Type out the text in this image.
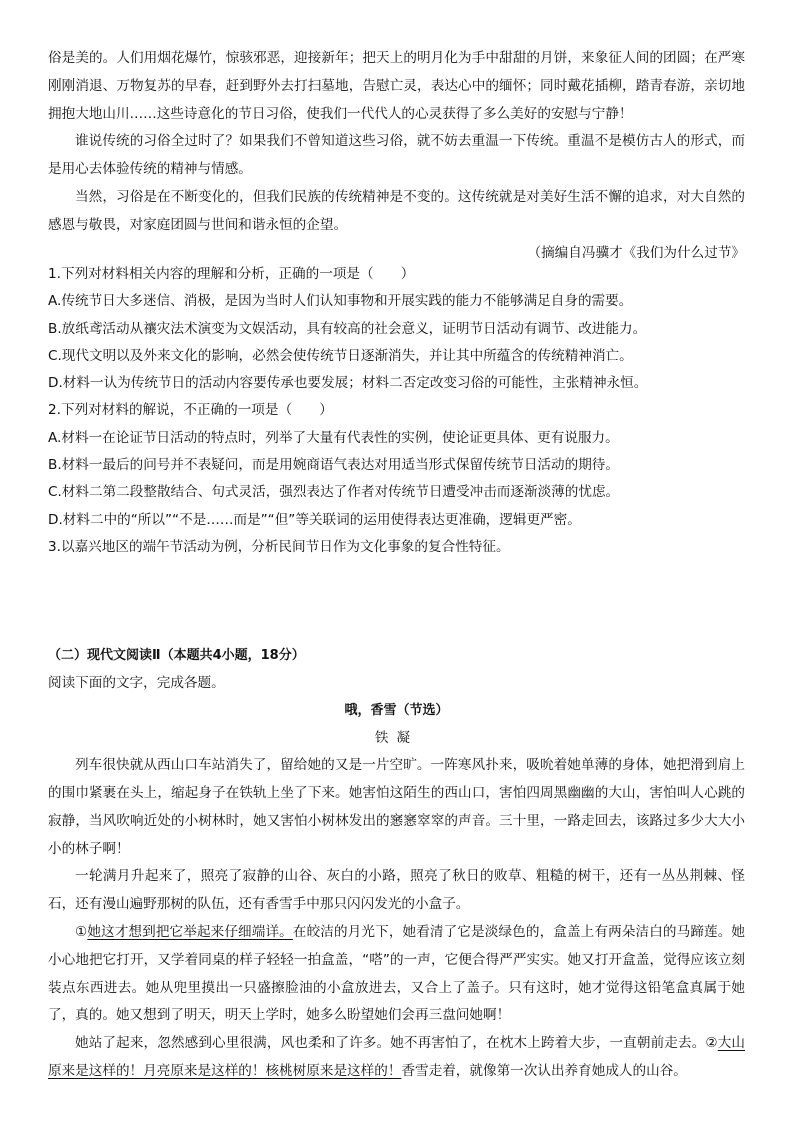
俗是美的。人们用烟花爆竹，惊骇邪恶，迎接新年；把天上的明月化为手中甜甜的月饼，来象征人间的团圆；在严寒刚刚消退、万物复苏的早春，赶到野外去打扫墓地，告慰亡灵，表达心中的缅怀；同时戴花插柳，踏青春游，亲切地拥抱大地山川……这些诗意化的节日习俗，使我们一代代人的心灵获得了多么美好的安慰与宁静！

谁说传统的习俗全过时了？如果我们不曾知道这些习俗，就不妨去重温一下传统。重温不是模仿古人的形式，而是用心去体验传统的精神与情感。

当然，习俗是在不断变化的，但我们民族的传统精神是不变的。这传统就是对美好生活不懈的追求，对大自然的感恩与敬畏，对家庭团圆与世间和谐永恒的企望。

（摘编自冯骥才《我们为什么过节》

1.下列对材料相关内容的理解和分析，正确的一项是（　　）

A.传统节日大多迷信、消极，是因为当时人们认知事物和开展实践的能力不能够满足自身的需要。

B.放纸鸢活动从禳灾法术演变为文娱活动，具有较高的社会意义，证明节日活动有调节、改进能力。

C.现代文明以及外来文化的影响，必然会使传统节日逐渐消失，并让其中所蕴含的传统精神消亡。

D.材料一认为传统节日的活动内容要传承也要发展；材料二否定改变习俗的可能性，主张精神永恒。

2.下列对材料的解说，不正确的一项是（　　）

A.材料一在论证节日活动的特点时，列举了大量有代表性的实例，使论证更具体、更有说服力。

B.材料一最后的问号并不表疑问，而是用婉商语气表达对用适当形式保留传统节日活动的期待。

C.材料二第二段整散结合、句式灵活，强烈表达了作者对传统节日遭受冲击而逐渐淡薄的忧虑。

D.材料二中的“所以”“不是……而是”“但”等关联词的运用使得表达更准确，逻辑更严密。

3.以嘉兴地区的端午节活动为例，分析民间节日作为文化事象的复合性特征。

（二）现代文阅读Ⅱ（本题共4小题，18分）

阅读下面的文字，完成各题。

哦，香雪（节选）

铁凝

列车很快就从西山口车站消失了，留给她的又是一片空旷。一阵寒风扑来，吸吮着她单薄的身体，她把滑到肩上的围巾紧裹在头上，缩起身子在铁轨上坐了下来。她害怕这陌生的西山口，害怕四周黑幽幽的大山，害怕叫人心跳的寂静，当风吹响近处的小树林时，她又害怕小树林发出的窸窸窣窣的声音。三十里，一路走回去，该路过多少大大小小的林子啊！

一轮满月升起来了，照亮了寂静的山谷、灰白的小路，照亮了秋日的败草、粗糙的树干，还有一丛丛荆棘、怪石，还有漫山遍野那树的队伍，还有香雪手中那只闪闪发光的小盒子。

①她这才想到把它举起来仔细端详。在皎洁的月光下，她看清了它是淡绿色的，盒盖上有两朵洁白的马蹄莲。她小心地把它打开，又学着同桌的样子轻轻一拍盒盖，“嗒”的一声，它便合得严严实实。她又打开盒盖，觉得应该立刻装点东西进去。她从兜里摸出一只盛擦脸油的小盒放进去，又合上了盖子。只有这时，她才觉得这铅笔盒真属于她了，真的。她又想到了明天，明天上学时，她多么盼望她们会再三盘问她啊！

她站了起来，忽然感到心里很满，风也柔和了许多。她不再害怕了，在枕木上跨着大步，一直朝前走去。②大山原来是这样的！月亮原来是这样的！核桃树原来是这样的！香雪走着，就像第一次认出养育她成人的山谷。
